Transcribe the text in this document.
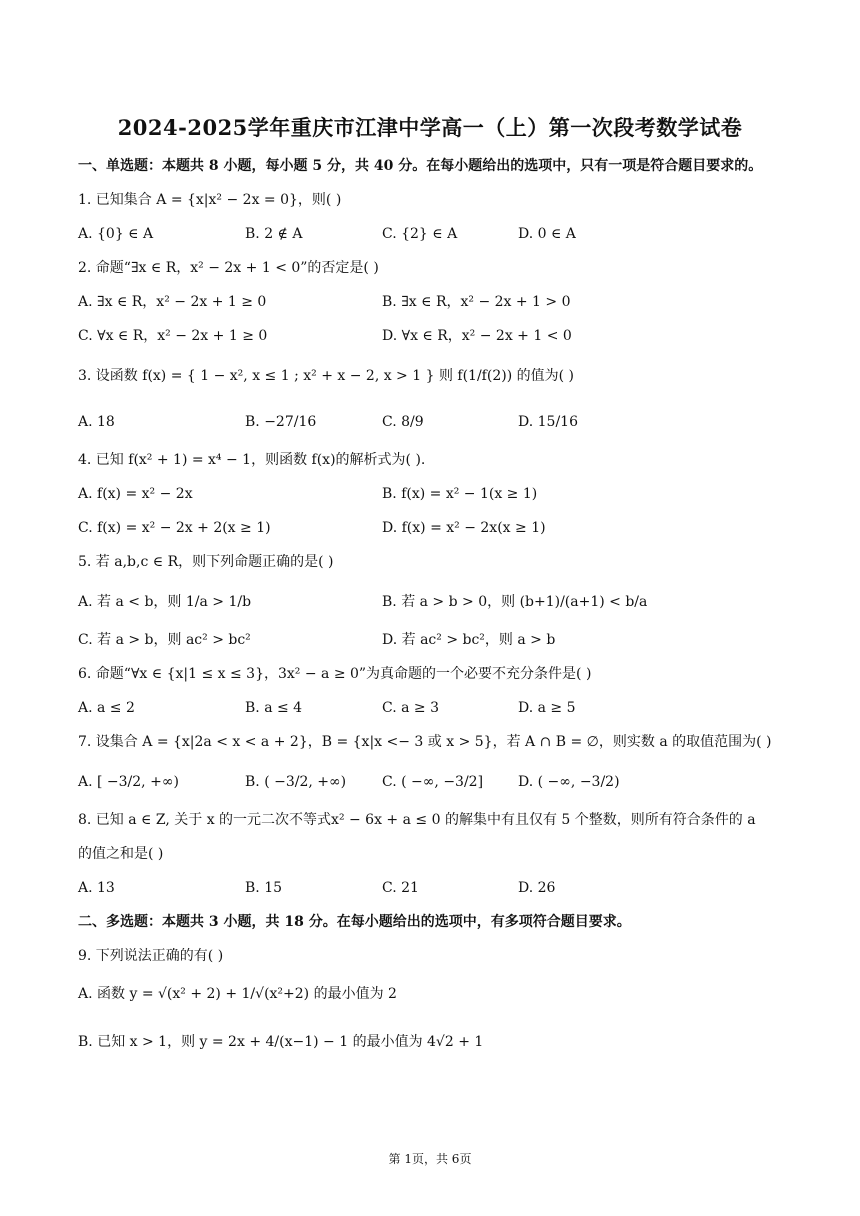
2024-2025学年重庆市江津中学高一（上）第一次段考数学试卷
一、单选题：本题共 8 小题，每小题 5 分，共 40 分。在每小题给出的选项中，只有一项是符合题目要求的。
1. 已知集合 A = {x|x² − 2x = 0}，则( )
A. {0} ∈ A	B. 2 ∉ A	C. {2} ∈ A	D. 0 ∈ A
2. 命题“∃x ∈ R，x² − 2x + 1 < 0”的否定是( )
A. ∃x ∈ R，x² − 2x + 1 ≥ 0	B. ∃x ∈ R，x² − 2x + 1 > 0
C. ∀x ∈ R，x² − 2x + 1 ≥ 0	D. ∀x ∈ R，x² − 2x + 1 < 0
3. 设函数 f(x) = { 1 − x², x ≤ 1 ; x² + x − 2, x > 1 } 则 f(1/f(2)) 的值为( )
A. 18	B. −27/16	C. 8/9	D. 15/16
4. 已知 f(x² + 1) = x⁴ − 1，则函数 f(x)的解析式为( ).
A. f(x) = x² − 2x	B. f(x) = x² − 1(x ≥ 1)
C. f(x) = x² − 2x + 2(x ≥ 1)	D. f(x) = x² − 2x(x ≥ 1)
5. 若 a,b,c ∈ R，则下列命题正确的是( )
A. 若 a < b，则 1/a > 1/b	B. 若 a > b > 0，则 (b+1)/(a+1) < b/a
C. 若 a > b，则 ac² > bc²	D. 若 ac² > bc²，则 a > b
6. 命题“∀x ∈ {x|1 ≤ x ≤ 3}，3x² − a ≥ 0”为真命题的一个必要不充分条件是( )
A. a ≤ 2	B. a ≤ 4	C. a ≥ 3	D. a ≥ 5
7. 设集合 A = {x|2a < x < a + 2}，B = {x|x <− 3 或 x > 5}，若 A ∩ B = ∅，则实数 a 的取值范围为( )
A. [ −3/2, +∞)	B. ( −3/2, +∞)	C. ( −∞, −3/2] D. ( −∞, −3/2)
8. 已知 a ∈ Z, 关于 x 的一元二次不等式x² − 6x + a ≤ 0 的解集中有且仅有 5 个整数，则所有符合条件的 a
的值之和是( )
A. 13	B. 15	C. 21	D. 26
二、多选题：本题共 3 小题，共 18 分。在每小题给出的选项中，有多项符合题目要求。
9. 下列说法正确的有( )
A. 函数 y = √(x² + 2) + 1/√(x²+2) 的最小值为 2
B. 已知 x > 1，则 y = 2x + 4/(x−1) − 1 的最小值为 4√2 + 1
第 1页，共 6页
